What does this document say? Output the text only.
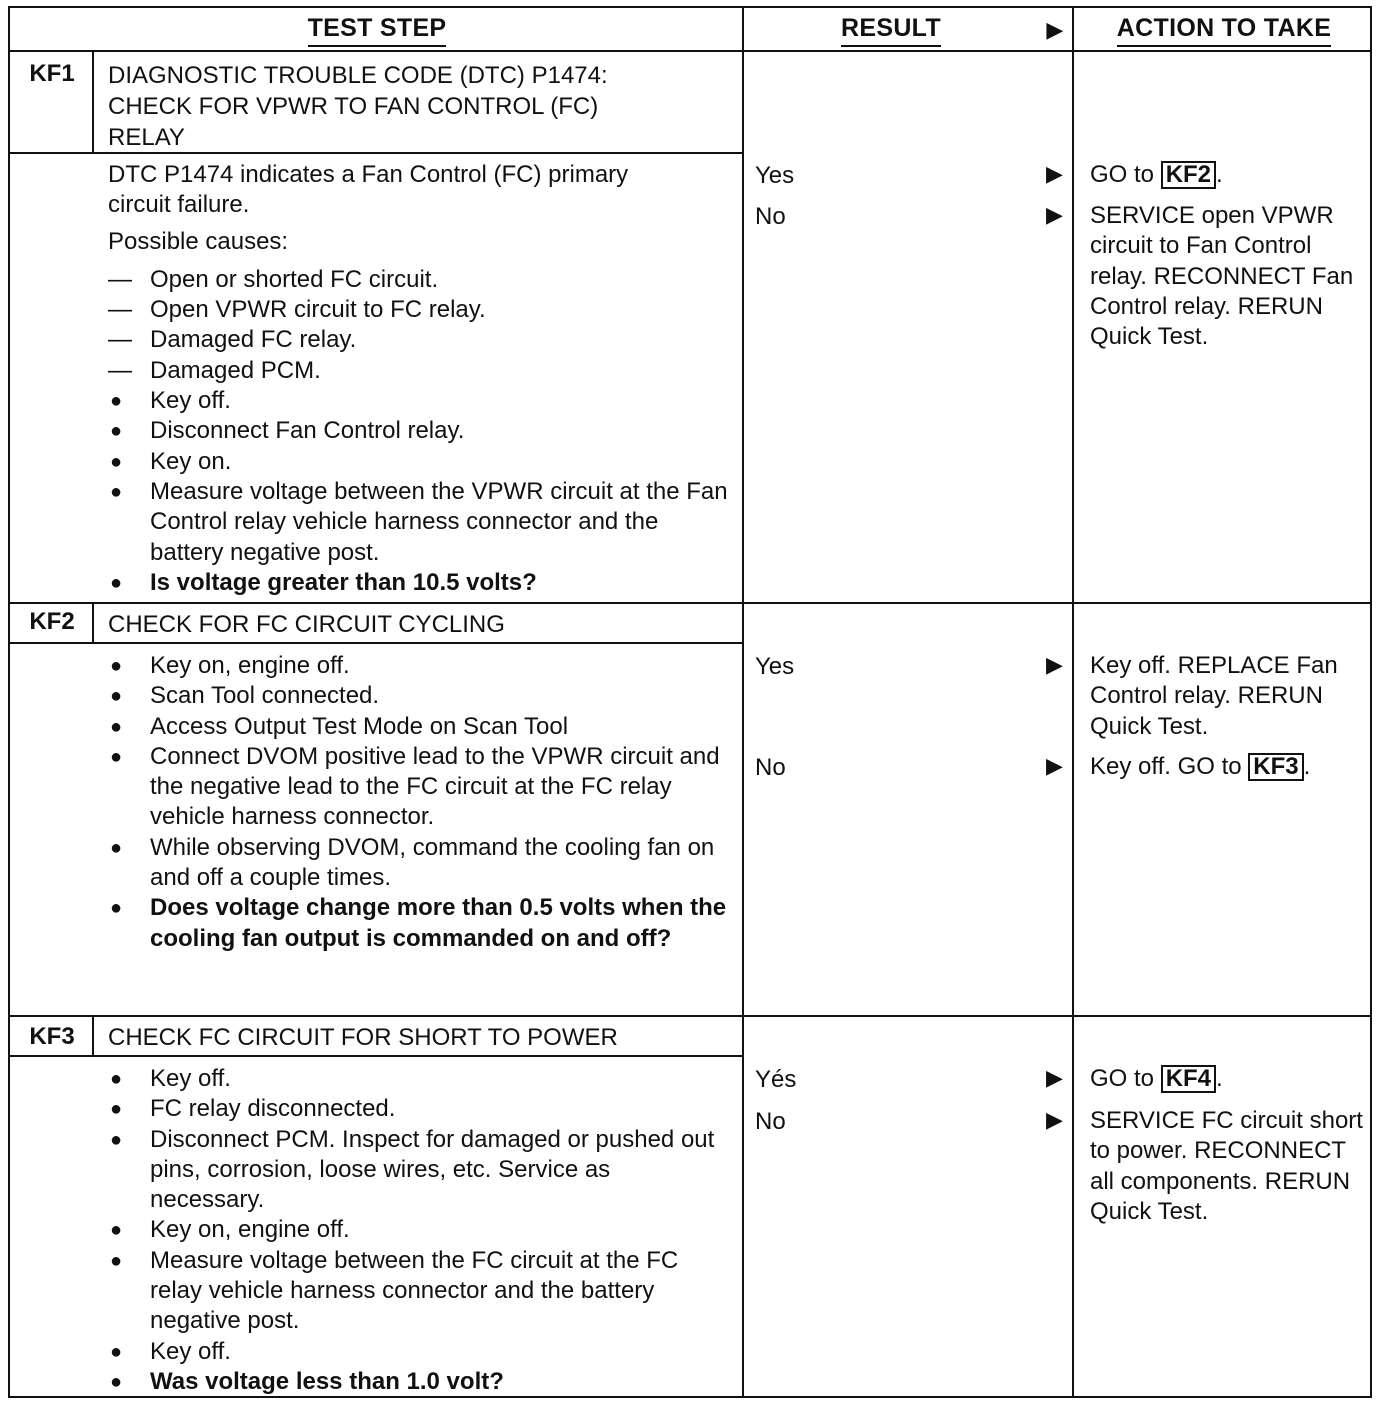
TEST STEP	RESULT	▶ ACTION TO TAKE
KF1	DIAGNOSTIC TROUBLE CODE (DTC) P1474:
CHECK FOR VPWR TO FAN CONTROL (FC)
RELAY

DTC P1474 indicates a Fan Control (FC) primary

circuit failure.

Possible causes:

— Open or shorted FC circuit.
— Open VPWR circuit to FC relay.
— Damaged FC relay.
— Damaged PCM.
● Key off.
● Disconnect Fan Control relay.
● Key on.
● Measure voltage between the VPWR circuit at the Fan Control relay vehicle harness connector and the battery negative post.
● Is voltage greater than 10.5 volts?
Yes	▶ GO to KF2 .
No	▶ SERVICE open VPWR circuit to Fan Control relay. RECONNECT Fan Control relay. RERUN Quick Test.
KF2	CHECK FOR FC CIRCUIT CYCLING
● Key on, engine off.
● Scan Tool connected.
● Access Output Test Mode on Scan Tool
● Connect DVOM positive lead to the VPWR circuit and the negative lead to the FC circuit at the FC relay vehicle harness connector.
● While observing DVOM, command the cooling fan on and off a couple times.
● Does voltage change more than 0.5 volts when the cooling fan output is commanded on and off?
Yes	▶ Key off. REPLACE Fan Control relay. RERUN Quick Test.
No	▶ Key off. GO to KF3 .
KF3	CHECK FC CIRCUIT FOR SHORT TO POWER
● Key off.
● FC relay disconnected.
● Disconnect PCM. Inspect for damaged or pushed out pins, corrosion, loose wires, etc. Service as necessary.
● Key on, engine off.
● Measure voltage between the FC circuit at the FC relay vehicle harness connector and the battery negative post.
● Key off.
● Was voltage less than 1.0 volt?
Yés	▶ GO to KF4 .
No	▶ SERVICE FC circuit short to power. RECONNECT all components. RERUN Quick Test.
